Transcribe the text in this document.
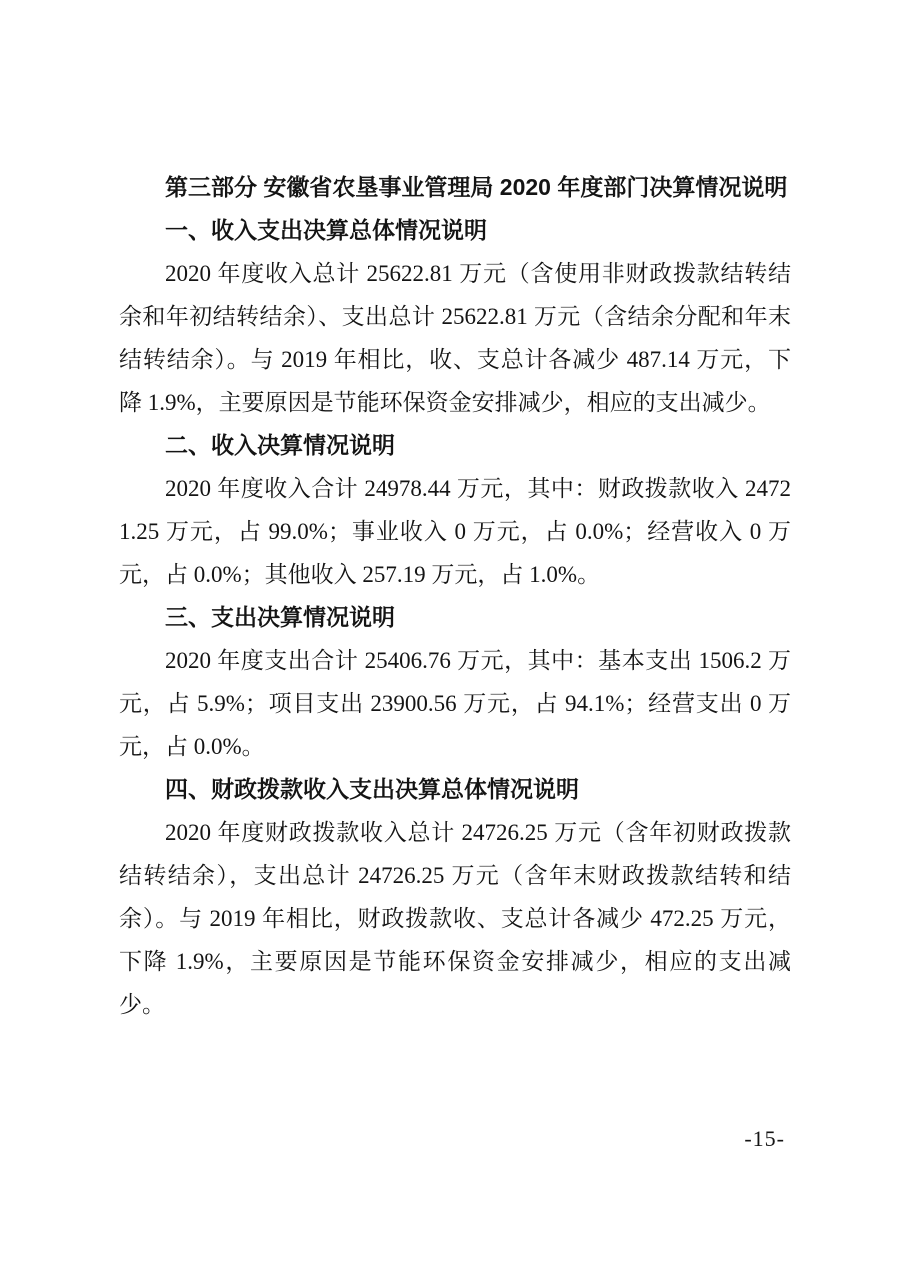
第三部分 安徽省农垦事业管理局 2020 年度部门决算情况说明

一、收入支出决算总体情况说明

2020 年度收入总计 25622.81 万元（含使用非财政拨款结转结余和年初结转结余）、支出总计 25622.81 万元（含结余分配和年末结转结余）。与 2019 年相比，收、支总计各减少 487.14 万元，下降 1.9%，主要原因是节能环保资金安排减少，相应的支出减少。

二、收入决算情况说明

2020 年度收入合计 24978.44 万元，其中：财政拨款收入 24721.25 万元，占 99.0%；事业收入 0 万元，占 0.0%；经营收入 0 万元，占 0.0%；其他收入 257.19 万元，占 1.0%。

三、支出决算情况说明

2020 年度支出合计 25406.76 万元，其中：基本支出 1506.2 万元，占 5.9%；项目支出 23900.56 万元，占 94.1%；经营支出 0 万元，占 0.0%。

四、财政拨款收入支出决算总体情况说明

2020 年度财政拨款收入总计 24726.25 万元（含年初财政拨款结转结余），支出总计 24726.25 万元（含年末财政拨款结转和结余）。与 2019 年相比，财政拨款收、支总计各减少 472.25 万元，下降 1.9%，主要原因是节能环保资金安排减少，相应的支出减少。

-15-
